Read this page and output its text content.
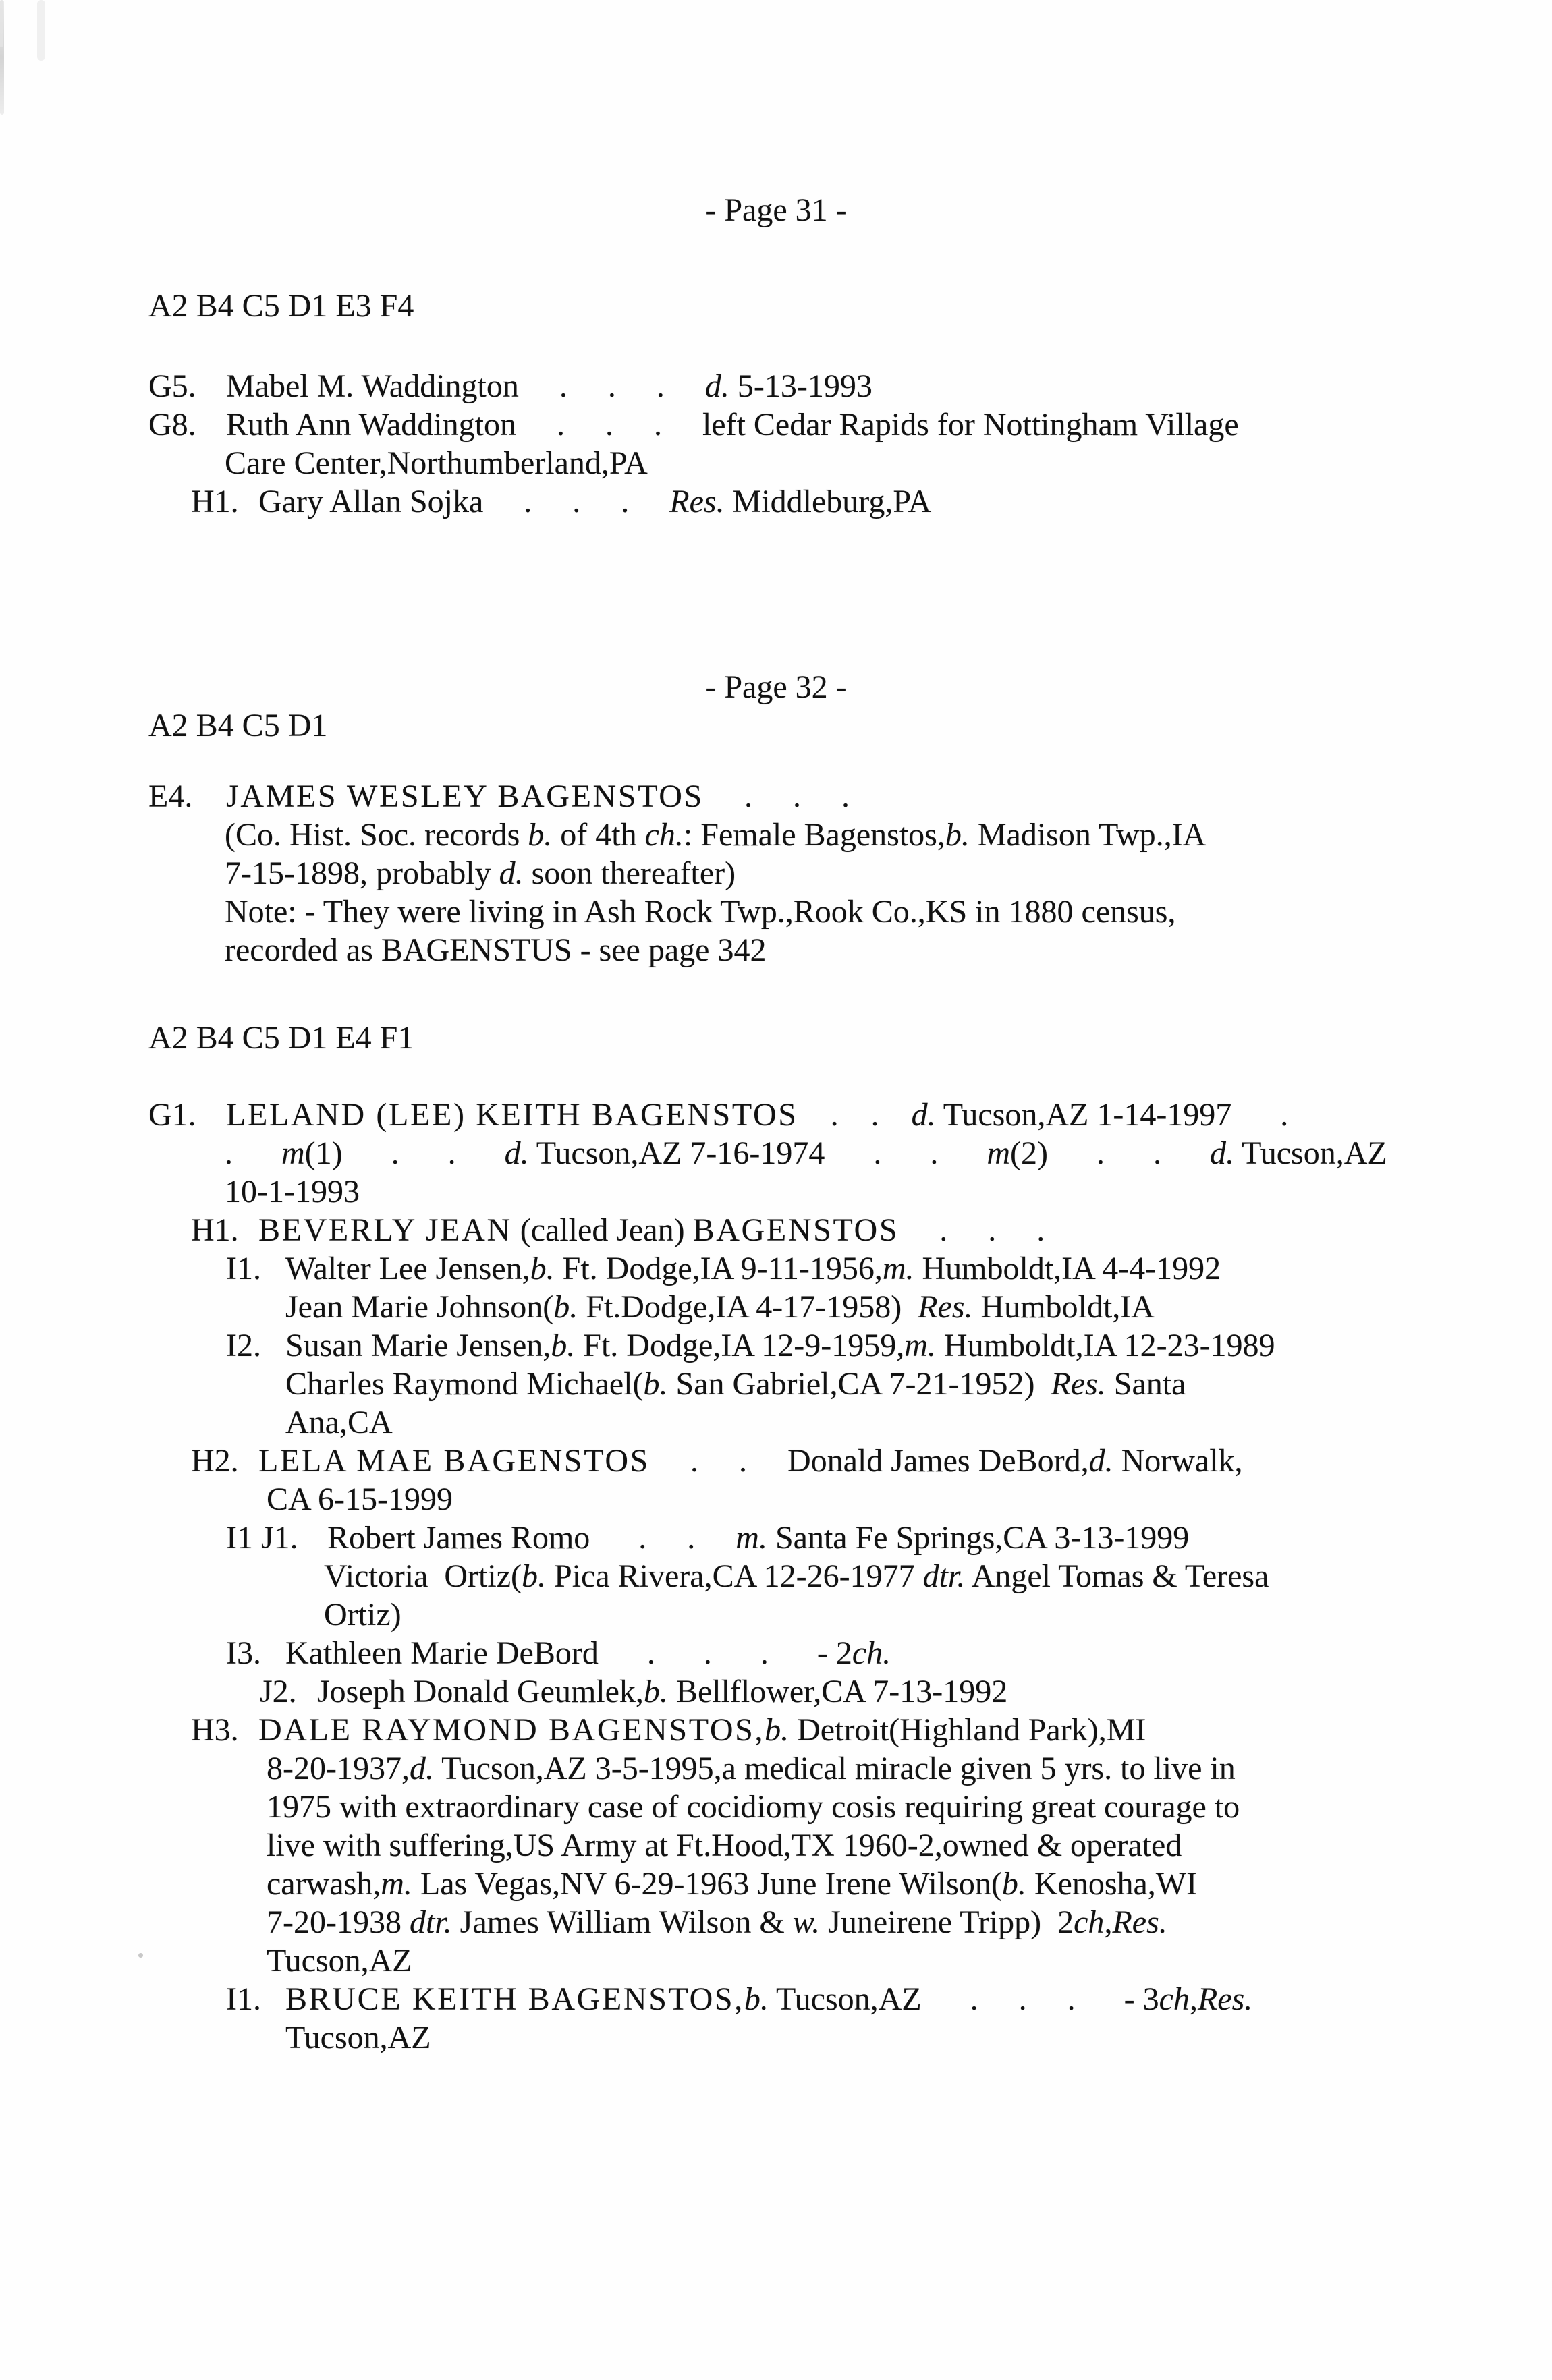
- Page 31 -
A2 B4 C5 D1 E3 F4
G5. Mabel M. Waddington     .     .     .     d. 5-13-1993
G8. Ruth Ann Waddington     .     .     .     left Cedar Rapids for Nottingham Village
Care Center,Northumberland,PA
H1. Gary Allan Sojka     .     .     .     Res. Middleburg,PA
- Page 32 -
A2 B4 C5 D1
E4. JAMES WESLEY BAGENSTOS     .     .     .
(Co. Hist. Soc. records b. of 4th ch.: Female Bagenstos,b. Madison Twp.,IA
7-15-1898, probably d. soon thereafter)
Note: - They were living in Ash Rock Twp.,Rook Co.,KS in 1880 census,
recorded as BAGENSTUS - see page 342
A2 B4 C5 D1 E4 F1
G1. LELAND (LEE) KEITH BAGENSTOS    .    .    d. Tucson,AZ 1-14-1997      .
.      m(1)      .      .      d. Tucson,AZ 7-16-1974      .      .      m(2)      .      .      d. Tucson,AZ
10-1-1993
H1. BEVERLY JEAN (called Jean) BAGENSTOS     .     .     .
I1. Walter Lee Jensen,b. Ft. Dodge,IA 9-11-1956,m. Humboldt,IA 4-4-1992
Jean Marie Johnson(b. Ft.Dodge,IA 4-17-1958)  Res. Humboldt,IA
I2. Susan Marie Jensen,b. Ft. Dodge,IA 12-9-1959,m. Humboldt,IA 12-23-1989
Charles Raymond Michael(b. San Gabriel,CA 7-21-1952)  Res. Santa
Ana,CA
H2. LELA MAE BAGENSTOS     .     .     Donald James DeBord,d. Norwalk,
CA 6-15-1999
I1 J1. Robert James Romo      .     .     m. Santa Fe Springs,CA 3-13-1999
Victoria  Ortiz(b. Pica Rivera,CA 12-26-1977 dtr. Angel Tomas & Teresa
Ortiz)
I3. Kathleen Marie DeBord      .      .      .      - 2ch.
J2. Joseph Donald Geumlek,b. Bellflower,CA 7-13-1992
H3. DALE RAYMOND BAGENSTOS,b. Detroit(Highland Park),MI
8-20-1937,d. Tucson,AZ 3-5-1995,a medical miracle given 5 yrs. to live in
1975 with extraordinary case of cocidiomy cosis requiring great courage to
live with suffering,US Army at Ft.Hood,TX 1960-2,owned & operated
carwash,m. Las Vegas,NV 6-29-1963 June Irene Wilson(b. Kenosha,WI
7-20-1938 dtr. James William Wilson & w. Juneirene Tripp)  2ch,Res.
Tucson,AZ
I1. BRUCE KEITH BAGENSTOS,b. Tucson,AZ      .     .     .      - 3ch,Res.
Tucson,AZ
